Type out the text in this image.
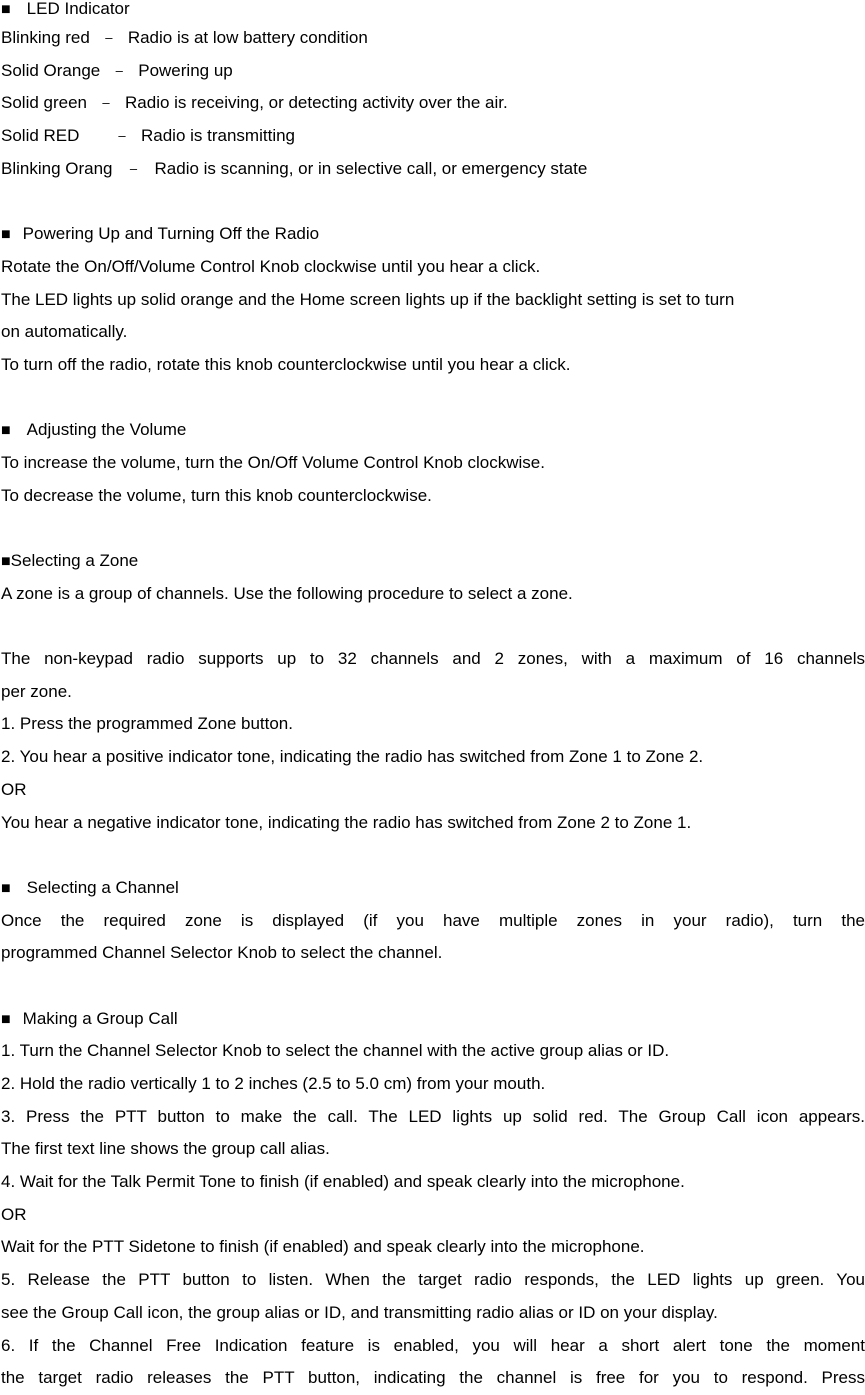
■ LED Indicator
Blinking red – Radio is at low battery condition
Solid Orange – Powering up
Solid green – Radio is receiving, or detecting activity over the air.
Solid RED	– Radio is transmitting
Blinking Orang – Radio is scanning, or in selective call, or emergency state
■ Powering Up and Turning Off the Radio
Rotate the On/Off/Volume Control Knob clockwise until you hear a click.
The LED lights up solid orange and the Home screen lights up if the backlight setting is set to turn
on automatically.
To turn off the radio, rotate this knob counterclockwise until you hear a click.
■ Adjusting the Volume
To increase the volume, turn the On/Off Volume Control Knob clockwise.
To decrease the volume, turn this knob counterclockwise.
■Selecting a Zone
A zone is a group of channels. Use the following procedure to select a zone.
The non-keypad radio supports up to 32 channels and 2 zones, with a maximum of 16 channels
per zone.
1. Press the programmed Zone button.
2. You hear a positive indicator tone, indicating the radio has switched from Zone 1 to Zone 2.
OR
You hear a negative indicator tone, indicating the radio has switched from Zone 2 to Zone 1.
■ Selecting a Channel
Once the required zone is displayed (if you have multiple zones in your radio), turn the
programmed Channel Selector Knob to select the channel.
■ Making a Group Call
1. Turn the Channel Selector Knob to select the channel with the active group alias or ID.
2. Hold the radio vertically 1 to 2 inches (2.5 to 5.0 cm) from your mouth.
3. Press the PTT button to make the call. The LED lights up solid red. The Group Call icon appears.
The first text line shows the group call alias.
4. Wait for the Talk Permit Tone to finish (if enabled) and speak clearly into the microphone.
OR
Wait for the PTT Sidetone to finish (if enabled) and speak clearly into the microphone.
5. Release the PTT button to listen. When the target radio responds, the LED lights up green. You
see the Group Call icon, the group alias or ID, and transmitting radio alias or ID on your display.
6. If the Channel Free Indication feature is enabled, you will hear a short alert tone the moment
the target radio releases the PTT button, indicating the channel is free for you to respond. Press
